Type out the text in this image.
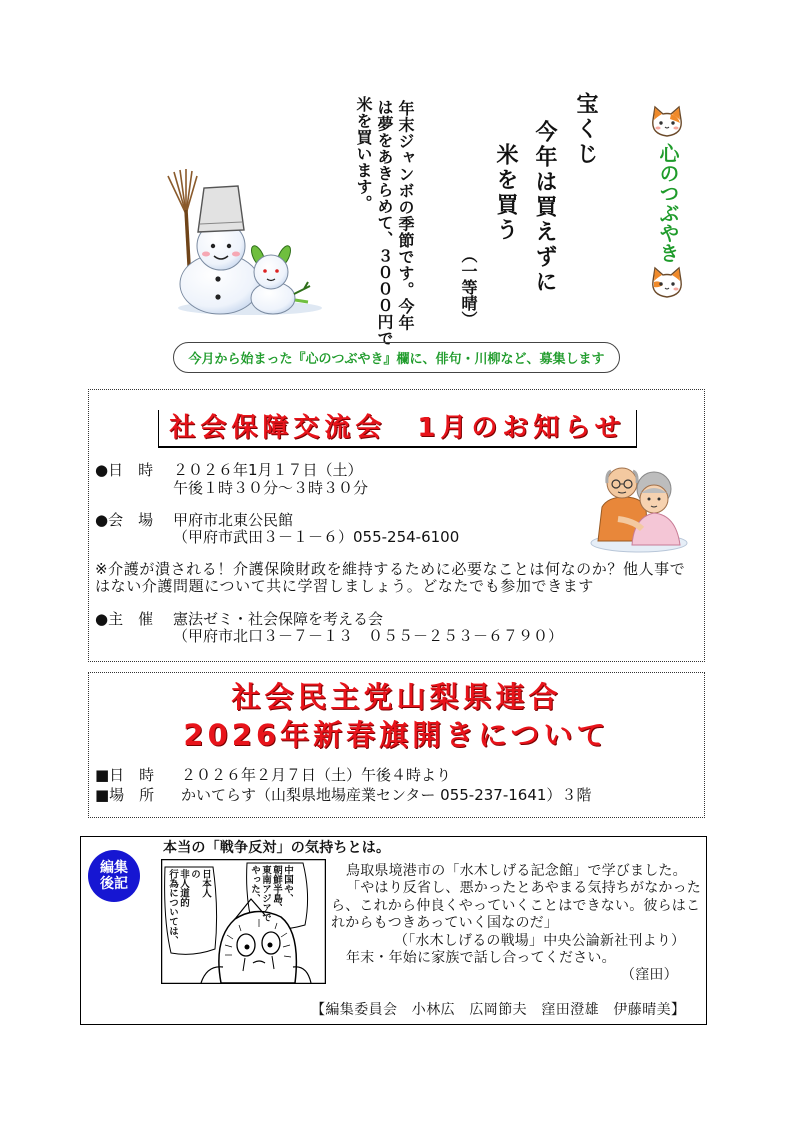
心のつぶやき
宝くじ
今年は買えずに
米を買う
（一等晴）
年末ジャンボの季節です。今年
は夢をあきらめて、３０００円で
米を買います。
今月から始まった『心のつぶやき』欄に、俳句・川柳など、募集します
社会保障交流会　1月のお知らせ
●日　時 ２０２６年1月１７日（土）
午後１時３０分～３時３０分
●会　場 甲府市北東公民館
（甲府市武田３－１－６）055-254-6100
※介護が潰される！介護保険財政を維持するために必要なことは何なのか？他人事で
はない介護問題について共に学習しましょう。どなたでも参加できます
●主　催 憲法ゼミ・社会保障を考える会
（甲府市北口３－７－１３　０５５－２５３－６７９０）
社会民主党山梨県連合
2026年新春旗開きについて
■日　時 ２０２６年２月７日（土）午後４時より
■場　所 かいてらす（山梨県地場産業センター 055-237-1641）３階
編集
後記
本当の「戦争反対」の気持ちとは。
中国や、
朝鮮半島、
東南アジアで
やった、
日本人
の
非人道的
行為については、	鳥取県境港市の「水木しげる記念館」で学びました。
「やはり反省し、悪かったとあやまる気持ちがなかった
ら、これから仲良くやっていくことはできない。彼らはこ
れからもつきあっていく国なのだ」
（「水木しげるの戦場」中央公論新社刊より）
年末・年始に家族で話し合ってください。
（窪田）
【編集委員会　小林広　広岡節夫　窪田澄雄　伊藤晴美】
